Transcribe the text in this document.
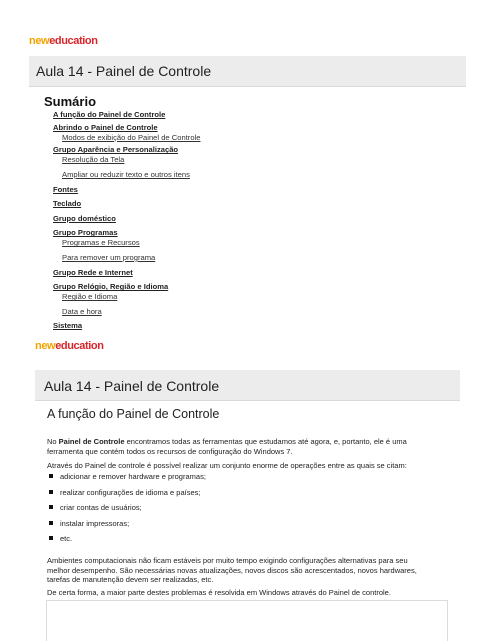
neweducation
Aula 14 - Painel de Controle
Sumário
A função do Painel de Controle
Abrindo o Painel de Controle
Modos de exibição do Painel de Controle
Grupo Aparência e Personalização
Resolução da Tela
Ampliar ou reduzir texto e outros itens
Fontes
Teclado
Grupo doméstico
Grupo Programas
Programas e Recursos
Para remover um programa
Grupo Rede e Internet
Grupo Relógio, Região e Idioma
Região e Idioma
Data e hora
Sistema
neweducation
Aula 14 - Painel de Controle
A função do Painel de Controle
No Painel de Controle encontramos todas as ferramentas que estudamos até agora, e, portanto, ele é uma
ferramenta que contém todos os recursos de configuração do Windows 7.
Através do Painel de controle é possível realizar um conjunto enorme de operações entre as quais se citam:
adicionar e remover hardware e programas;
realizar configurações de idioma e países;
criar contas de usuários;
instalar impressoras;
etc.
Ambientes computacionais não ficam estáveis por muito tempo exigindo configurações alternativas para seu
melhor desempenho. São necessárias novas atualizações, novos discos são acrescentados, novos hardwares,
tarefas de manutenção devem ser realizadas, etc.
De certa forma, a maior parte destes problemas é resolvida em Windows através do Painel de controle.
